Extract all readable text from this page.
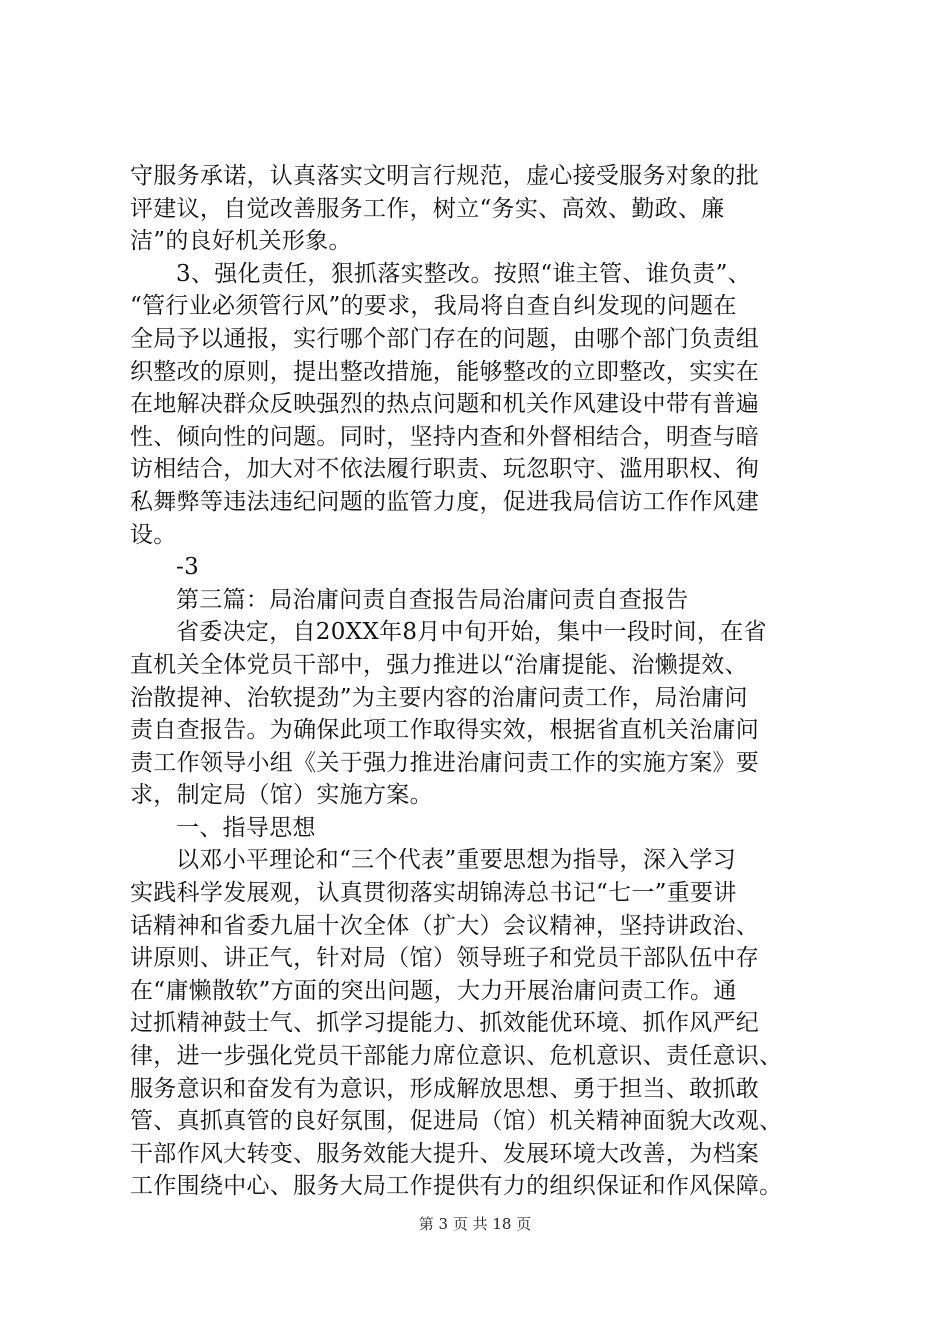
守服务承诺，认真落实文明言行规范，虚心接受服务对象的批
评建议，自觉改善服务工作，树立“务实、高效、勤政、廉
洁”的良好机关形象。
3、强化责任，狠抓落实整改。按照“谁主管、谁负责”、
“管行业必须管行风”的要求，我局将自查自纠发现的问题在
全局予以通报，实行哪个部门存在的问题，由哪个部门负责组
织整改的原则，提出整改措施，能够整改的立即整改，实实在
在地解决群众反映强烈的热点问题和机关作风建设中带有普遍
性、倾向性的问题。同时，坚持内查和外督相结合，明查与暗
访相结合，加大对不依法履行职责、玩忽职守、滥用职权、徇
私舞弊等违法违纪问题的监管力度，促进我局信访工作作风建
设。
-3
第三篇：局治庸问责自查报告局治庸问责自查报告
省委决定，自20XX年8月中旬开始，集中一段时间，在省
直机关全体党员干部中，强力推进以“治庸提能、治懒提效、
治散提神、治软提劲”为主要内容的治庸问责工作，局治庸问
责自查报告。为确保此项工作取得实效，根据省直机关治庸问
责工作领导小组《关于强力推进治庸问责工作的实施方案》要
求，制定局（馆）实施方案。
一、指导思想
以邓小平理论和“三个代表”重要思想为指导，深入学习
实践科学发展观，认真贯彻落实胡锦涛总书记“七一”重要讲
话精神和省委九届十次全体（扩大）会议精神，坚持讲政治、
讲原则、讲正气，针对局（馆）领导班子和党员干部队伍中存
在“庸懒散软”方面的突出问题，大力开展治庸问责工作。通
过抓精神鼓士气、抓学习提能力、抓效能优环境、抓作风严纪
律，进一步强化党员干部能力席位意识、危机意识、责任意识、
服务意识和奋发有为意识，形成解放思想、勇于担当、敢抓敢
管、真抓真管的良好氛围，促进局（馆）机关精神面貌大改观、
干部作风大转变、服务效能大提升、发展环境大改善，为档案
工作围绕中心、服务大局工作提供有力的组织保证和作风保障。
第 3 页 共 18 页
